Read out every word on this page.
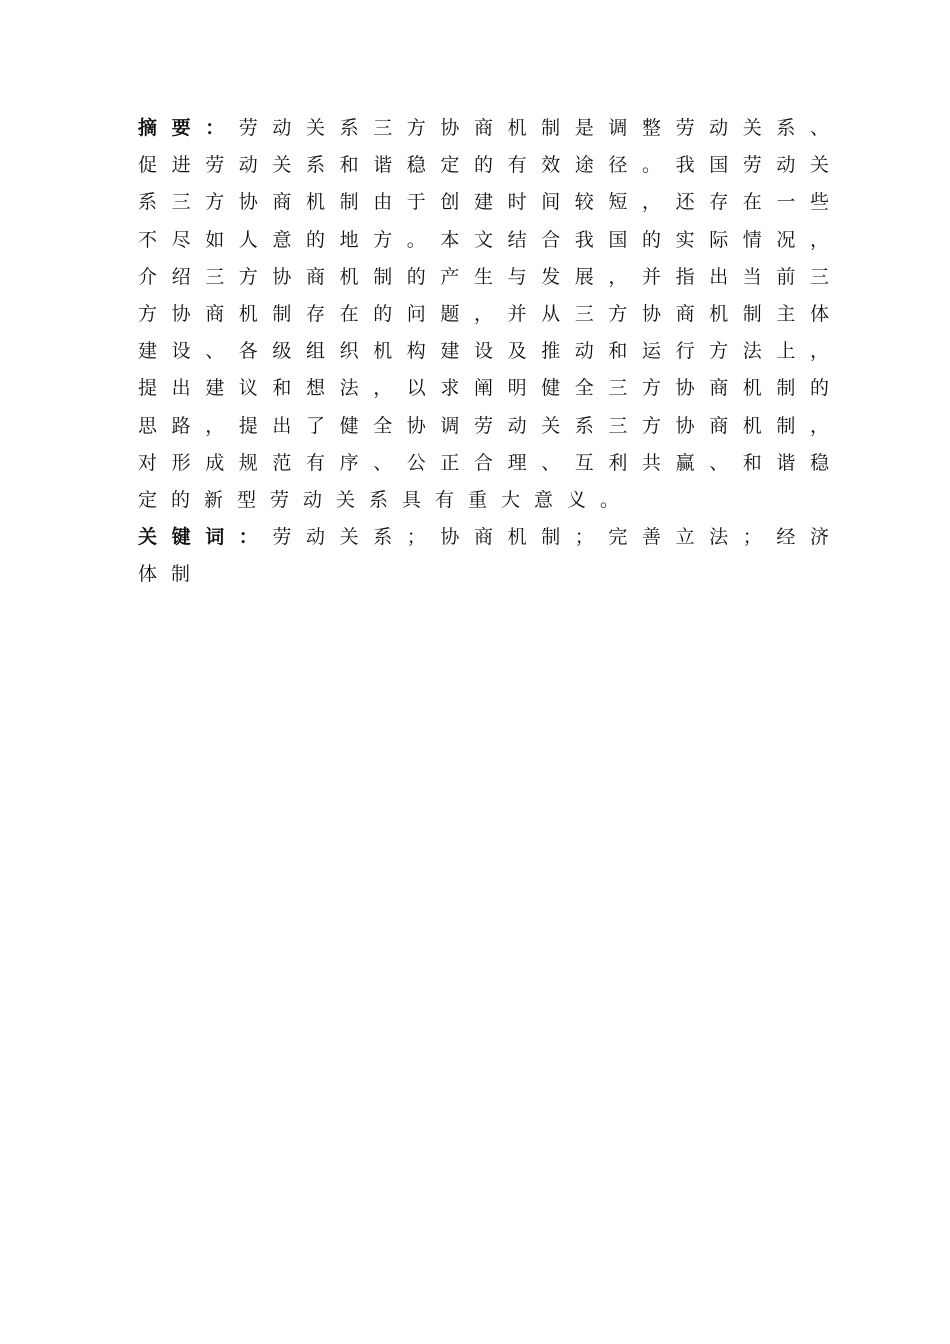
摘要：劳动关系三方协商机制是调整劳动关系、促进劳动关系和谐稳定的有效途径。我国劳动关系三方协商机制由于创建时间较短，还存在一些不尽如人意的地方。本文结合我国的实际情况，介绍三方协商机制的产生与发展，并指出当前三方协商机制存在的问题，并从三方协商机制主体建设、各级组织机构建设及推动和运行方法上，提出建议和想法，以求阐明健全三方协商机制的思路，提出了健全协调劳动关系三方协商机制，对形成规范有序、公正合理、互利共赢、和谐稳定的新型劳动关系具有重大意义。

关键词：劳动关系；协商机制；完善立法；经济体制
